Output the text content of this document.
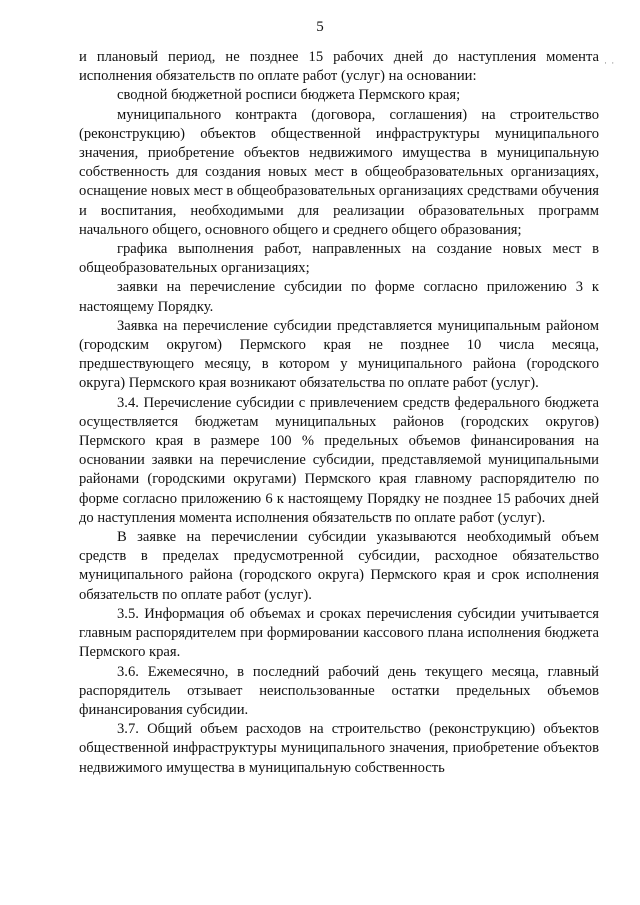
5
· ·

и плановый период, не позднее 15 рабочих дней до наступления момента исполнения обязательств по оплате работ (услуг) на основании:

сводной бюджетной росписи бюджета Пермского края;

муниципального контракта (договора, соглашения) на строительство (реконструкцию) объектов общественной инфраструктуры муниципального значения, приобретение объектов недвижимого имущества в муниципальную собственность для создания новых мест в общеобразовательных организациях, оснащение новых мест в общеобразовательных организациях средствами обучения и воспитания, необходимыми для реализации образовательных программ начального общего, основного общего и среднего общего образования;

графика выполнения работ, направленных на создание новых мест в общеобразовательных организациях;

заявки на перечисление субсидии по форме согласно приложению 3 к настоящему Порядку.

Заявка на перечисление субсидии представляется муниципальным районом (городским округом) Пермского края не позднее 10 числа месяца, предшествующего месяцу, в котором у муниципального района (городского округа) Пермского края возникают обязательства по оплате работ (услуг).

3.4. Перечисление субсидии с привлечением средств федерального бюджета осуществляется бюджетам муниципальных районов (городских округов) Пермского края в размере 100 % предельных объемов финансирования на основании заявки на перечисление субсидии, представляемой муниципальными районами (городскими округами) Пермского края главному распорядителю по форме согласно приложению 6 к настоящему Порядку не позднее 15 рабочих дней до наступления момента исполнения обязательств по оплате работ (услуг).

В заявке на перечислении субсидии указываются необходимый объем средств в пределах предусмотренной субсидии, расходное обязательство муниципального района (городского округа) Пермского края и срок исполнения обязательств по оплате работ (услуг).

3.5. Информация об объемах и сроках перечисления субсидии учитывается главным распорядителем при формировании кассового плана исполнения бюджета Пермского края.

3.6. Ежемесячно, в последний рабочий день текущего месяца, главный распорядитель отзывает неиспользованные остатки предельных объемов финансирования субсидии.

3.7. Общий объем расходов на строительство (реконструкцию) объектов общественной инфраструктуры муниципального значения, приобретение объектов недвижимого имущества в муниципальную собственность
